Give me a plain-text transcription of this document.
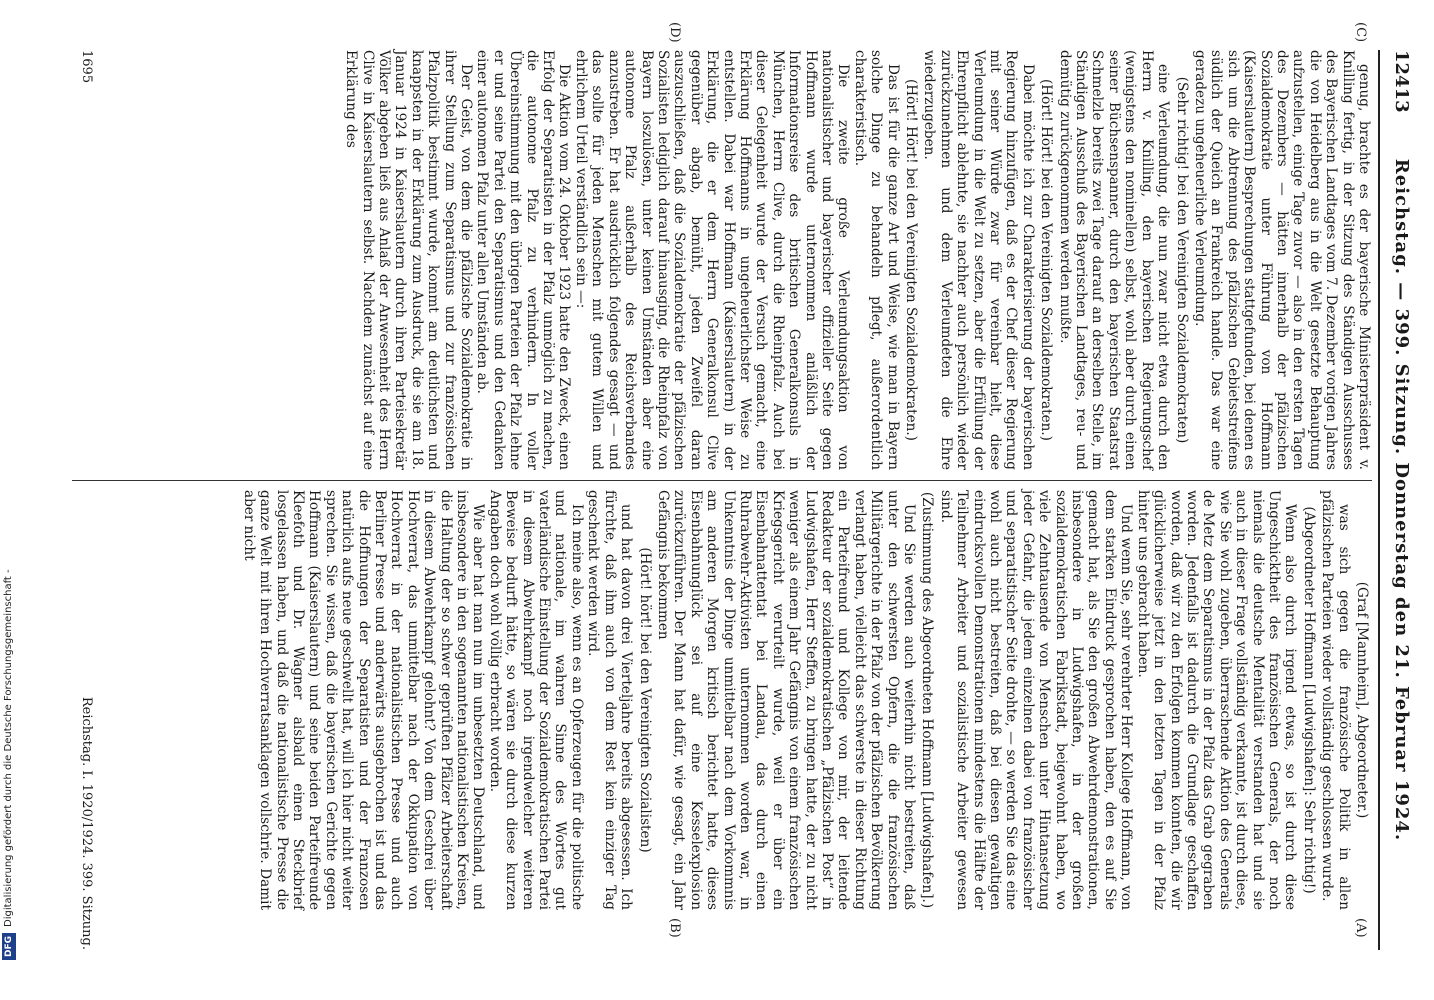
DFGDigitalisierung gefördert durch die Deutsche Forschungsgemeinschaft -
12413
Reichstag. — 399. Sitzung. Donnerstag den 21. Februar 1924.

genug, brachte es der bayerische Ministerpräsident v. Knilling fertig, in der Sitzung des Ständigen Ausschusses des Bayerischen Landtages vom 7. Dezember vorigen Jahres die von Heidelberg aus in die Welt gesetzte Behauptung aufzustellen, einige Tage zuvor — also in den ersten Tagen des Dezembers — hätten innerhalb der pfälzischen Sozialdemokratie unter Führung von Hoffmann (Kaiserslautern) Besprechungen stattgefunden, bei denen es sich um die Abtrennung des pfälzischen Gebietsstreifens südlich der Queich an Frankreich handle. Das war eine geradezu ungeheuerliche Verleumdung.

(Sehr richtig! bei den Vereinigten Sozialdemokraten)

eine Verleumdung, die nun zwar nicht etwa durch den Herrn v. Knilling, den bayerischen Regierungschef (wenigstens den nominellen) selbst, wohl aber durch einen seiner Büchsenspanner, durch den bayerischen Staatsrat Schmelzle bereits zwei Tage darauf an derselben Stelle, im Ständigen Ausschuß des Bayerischen Landtages, reu- und demütig zurückgenommen werden mußte.

(Hört! Hört! bei den Vereinigten Sozialdemokraten.)

Dabei möchte ich zur Charakterisierung der bayerischen Regierung hinzufügen, daß es der Chef dieser Regierung mit seiner Würde zwar für vereinbar hielt, diese Verleumdung in die Welt zu setzen, aber die Erfüllung der Ehrenpflicht ablehnte, sie nachher auch persönlich wieder zurückzunehmen und dem Verleumdeten die Ehre wiederzugeben.

(Hört! Hört! bei den Vereinigten Sozialdemokraten.)

Das ist für die ganze Art und Weise, wie man in Bayern solche Dinge zu behandeln pflegt, außerordentlich charakteristisch.

Die zweite große Verleumdungsaktion von nationalistischer und bayerischer offizieller Seite gegen Hoffmann wurde unternommen anläßlich der Informationsreise des britischen Generalkonsuls in München, Herrn Clive, durch die Rheinpfalz. Auch bei dieser Gelegenheit wurde der Versuch gemacht, eine Erklärung Hoffmanns in ungeheuerlichster Weise zu entstellen. Dabei war Hoffmann (Kaiserslautern) in der Erklärung, die er dem Herrn Generalkonsul Clive gegenüber abgab, bemüht, jeden Zweifel daran auszuschließen, daß die Sozialdemokratie der pfälzischen Sozialisten lediglich darauf hinausging, die Rheinpfalz von Bayern loszulösen, unter keinen Umständen aber eine autonome Pfalz außerhalb des Reichsverbandes anzustreben. Er hat ausdrücklich folgendes gesagt — und das sollte für jeden Menschen mit gutem Willen und ehrlichem Urteil verständlich sein —:

Die Aktion vom 24. Oktober 1923 hatte den Zweck, einen Erfolg der Separatisten in der Pfalz unmöglich zu machen, die autonome Pfalz zu verhindern. In voller Übereinstimmung mit den übrigen Parteien der Pfalz lehne er und seine Partei den Separatismus und den Gedanken einer autonomen Pfalz unter allen Umständen ab.

Der Geist, von dem die pfälzische Sozialdemokratie in ihrer Stellung zum Separatismus und zur französischen Pfalzpolitik bestimmt wurde, kommt am deutlichsten und knappsten in der Erklärung zum Ausdruck, die sie am 18. Januar 1924 in Kaiserslautern durch ihren Parteisekretär Völker abgeben ließ aus Anlaß der Anwesenheit des Herrn Clive in Kaiserslautern selbst. Nachdem zunächst auf eine Erklärung des

(Graf [Mannheim], Abgeordneter.)

was sich gegen die französische Politik in allen pfälzischen Parteien wieder vollständig geschlossen wurde.

(Abgeordneter Hoffmann [Ludwigshafen]: Sehr richtig!)

Wenn also durch irgend etwas, so ist durch diese Ungeschicktheit des französischen Generals, der noch niemals die deutsche Mentalität verstanden hat und sie auch in dieser Frage vollständig verkannte, ist durch diese, wie Sie wohl zugeben, überraschende Aktion des Generals de Metz dem Separatismus in der Pfalz das Grab gegraben worden. Jedenfalls ist dadurch die Grundlage geschaffen worden, daß wir zu den Erfolgen kommen konnten, die wir glücklicherweise jetzt in den letzten Tagen in der Pfalz hinter uns gebracht haben.

Und wenn Sie, sehr verehrter Herr Kollege Hoffmann, von dem starken Eindruck gesprochen haben, den es auf Sie gemacht hat, als Sie den großen Abwehrdemonstrationen, insbesondere in Ludwigshafen, in der großen sozialdemokratischen Fabrikstadt, beigewohnt haben, wo viele Zehntausende von Menschen unter Hintansetzung jeder Gefahr, die jedem einzelnen dabei von französischer und separatistischer Seite drohte, — so werden Sie das eine wohl auch nicht bestreiten, daß bei diesen gewaltigen eindrucksvollen Demonstrationen mindestens die Hälfte der Teilnehmer Arbeiter und sozialistische Arbeiter gewesen sind.

(Zustimmung des Abgeordneten Hoffmann [Ludwigshafen].)

Und Sie werden auch weiterhin nicht bestreiten, daß unter den schwersten Opfern, die die französischen Militärgerichte in der Pfalz von der pfälzischen Bevölkerung verlangt haben, vielleicht das schwerste in dieser Richtung ein Parteifreund und Kollege von mir, der leitende Redakteur der sozialdemokratischen „Pfälzischen Post“ in Ludwigshafen, Herr Steffen, zu bringen hatte, der zu nicht weniger als einem Jahr Gefängnis von einem französischen Kriegsgericht verurteilt wurde, weil er über ein Eisenbahnattentat bei Landau, das durch einen Ruhrabwehr-Aktivisten unternommen worden war, in Unkenntnis der Dinge unmittelbar nach dem Vorkommnis am anderen Morgen kritisch berichtet hatte, dieses Eisenbahnunglück sei auf eine Kesselexplosion zurückzuführen. Der Mann hat dafür, wie gesagt, ein Jahr Gefängnis bekommen

(Hört! hört! bei den Vereinigten Sozialisten)

und hat davon drei Vierteljahre bereits abgesessen. Ich fürchte, daß ihm auch von dem Rest kein einziger Tag geschenkt werden wird.

Ich meine also, wenn es an Opferzeugen für die politische und nationale, im wahren Sinne des Wortes gut vaterländische Einstellung der Sozialdemokratischen Partei in diesem Abwehrkampf noch irgendwelcher weiteren Beweise bedurft hätte, so wären sie durch diese kurzen Angaben doch wohl völlig erbracht worden.

Wie aber hat man nun im unbesetzten Deutschland, und insbesondere in den sogenannten nationalistischen Kreisen, die Haltung der so schwer geprüften Pfälzer Arbeiterschaft in diesem Abwehrkampf gelohnt? Von dem Geschrei über Hochverrat, das unmittelbar nach der Okkupation von Hochverrat in der nationalistischen Presse und auch Berliner Presse und anderwärts ausgebrochen ist und das die Hoffnungen der Separatisten und der Franzosen natürlich aufs neue geschwellt hat, will ich hier nicht weiter sprechen. Sie wissen, daß die bayerischen Gerichte gegen Hoffmann (Kaiserslautern) und seine beiden Parteifreunde Kleefoth und Dr. Wagner alsbald einen Steckbrief losgelassen haben, und daß die nationalistische Presse die ganze Welt mit ihren Hochverratsanklagen vollschrie. Damit aber nicht

(C)
(D)
(A)
(B)
1695
Reichstag. I. 1920/1924. 399. Sitzung.
